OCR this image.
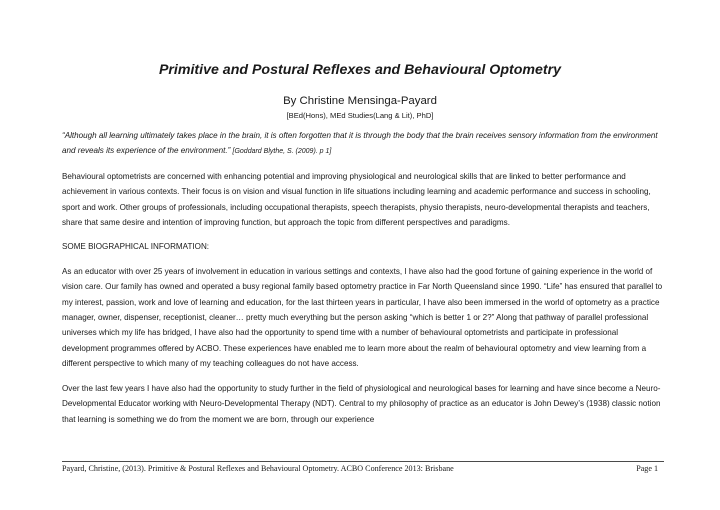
Primitive and Postural Reflexes and Behavioural Optometry
By Christine Mensinga-Payard
[BEd(Hons), MEd Studies(Lang & Lit), PhD]

“Although all learning ultimately takes place in the brain, it is often forgotten that it is through the body that the brain receives sensory information from the environment and reveals its experience of the environment.” [Goddard Blythe, S. (2009). p 1]

Behavioural optometrists are concerned with enhancing potential and improving physiological and neurological skills that are linked to better performance and achievement in various contexts. Their focus is on vision and visual function in life situations including learning and academic performance and success in schooling, sport and work. Other groups of professionals, including occupational therapists, speech therapists, physio therapists, neuro-developmental therapists and teachers, share that same desire and intention of improving function, but approach the topic from different perspectives and paradigms.

SOME BIOGRAPHICAL INFORMATION:

As an educator with over 25 years of involvement in education in various settings and contexts, I have also had the good fortune of gaining experience in the world of vision care. Our family has owned and operated a busy regional family based optometry practice in Far North Queensland since 1990. “Life” has ensured that parallel to my interest, passion, work and love of learning and education, for the last thirteen years in particular, I have also been immersed in the world of optometry as a practice manager, owner, dispenser, receptionist, cleaner… pretty much everything but the person asking “which is better 1 or 2?” Along that pathway of parallel professional universes which my life has bridged, I have also had the opportunity to spend time with a number of behavioural optometrists and participate in professional development programmes offered by ACBO. These experiences have enabled me to learn more about the realm of behavioural optometry and view learning from a different perspective to which many of my teaching colleagues do not have access.

Over the last few years I have also had the opportunity to study further in the field of physiological and neurological bases for learning and have since become a Neuro-Developmental Educator working with Neuro-Developmental Therapy (NDT). Central to my philosophy of practice as an educator is John Dewey’s (1938) classic notion that learning is something we do from the moment we are born, through our experience

Payard, Christine, (2013). Primitive & Postural Reflexes and Behavioural Optometry. ACBO Conference 2013: Brisbane	Page 1
